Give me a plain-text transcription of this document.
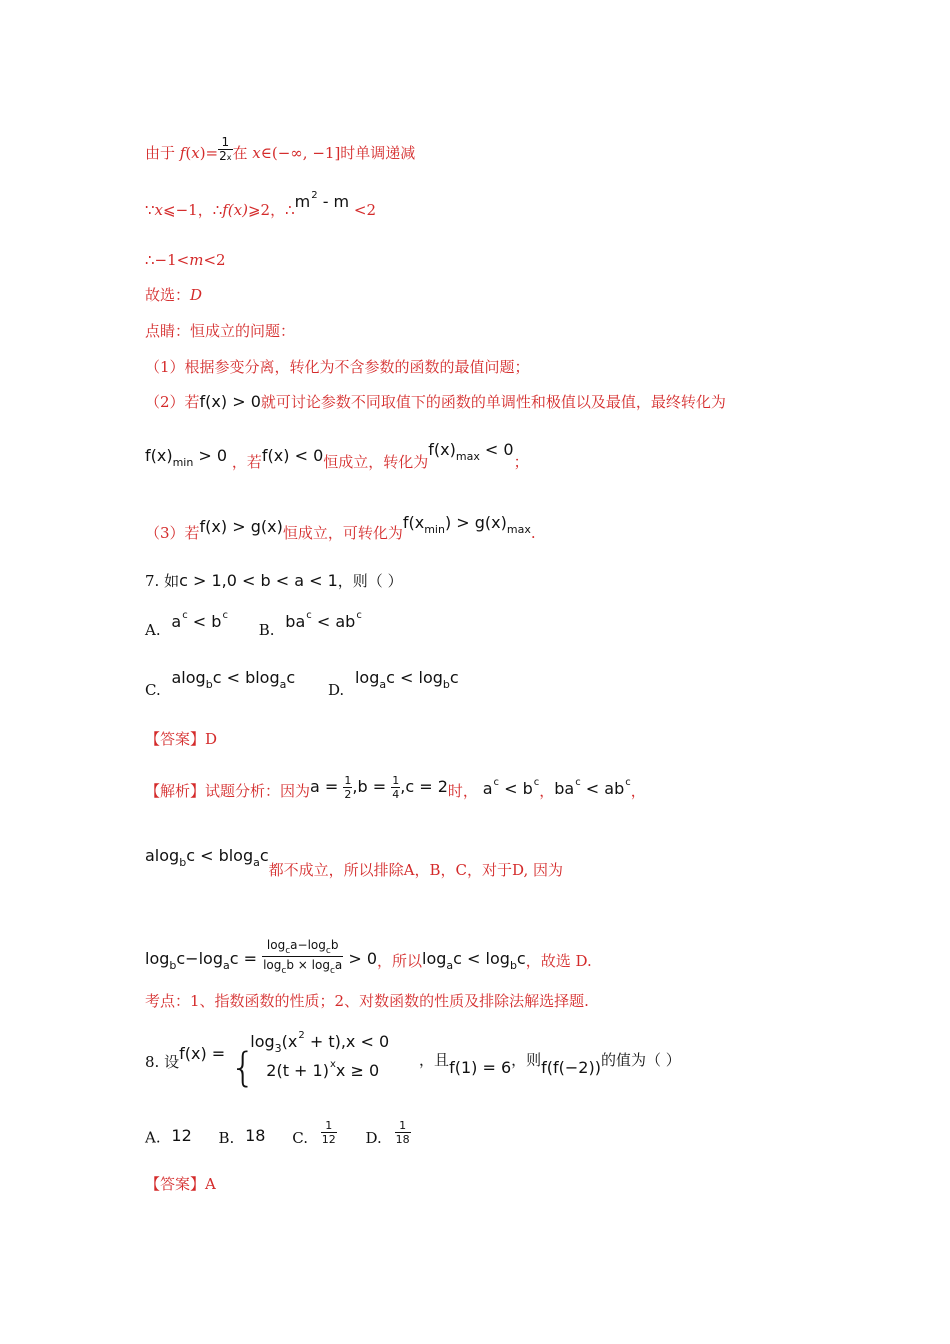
由于 $f(x)= \frac{1}{2x}$ 在 x∈(−∞, −1]时单调递减
∵x⩽−1，∴f(x)⩾2，$\therefore m^2 - m <2$
∴−1<m<2
故选：D
点睛：恒成立的问题：
（1）根据参变分离，转化为不含参数的函数的最值问题；
（2）若f(x) > 0就可讨论参数不同取值下的函数的单调性和极值以及最值，最终转化为
$f(x)_{min} > 0$ ，若f(x) < 0恒成立，转化为$f(x)_{max} < 0$；
（3）若f(x) > g(x)恒成立，可转化为$f(x_{min}) > g(x)_{max}$.
7. 如c > 1,0 < b < a < 1，则（ ）
A. $a^c < b^c$ B. $ba^c < ab^c$
C. alog$_b$c < blog$_a$c D. $\log_ac < \log_bc$
【答案】D
【解析】试题分析：因为$a = \frac{1}{2} ,b = \frac{1}{4} ,c = 2$时， $a^c < b^c$，$ba^c < ab^c$，
alog$_b$c < blog$_a$c都不成立，所以排除A，B，C，对于D, 因为
$\log_bc-\log_ac = \frac{\log_ca-\log_cb}{\log_cb \times \log_ca} > 0$，所以$\log_ac < \log_bc$，故选 D.
考点：1、指数函数的性质；2、对数函数的性质及排除法解选择题.
8. 设f(x) = {
$\log_3(x^2 + t),x < 0$
$2(t + 1)^xx \ge 0$
，且f(1) = 6，则f(f(−2))的值为（ ）
A. 12 B. 18 C. $\frac{1}{12} D$. $\frac{1}{18}$
【答案】A
